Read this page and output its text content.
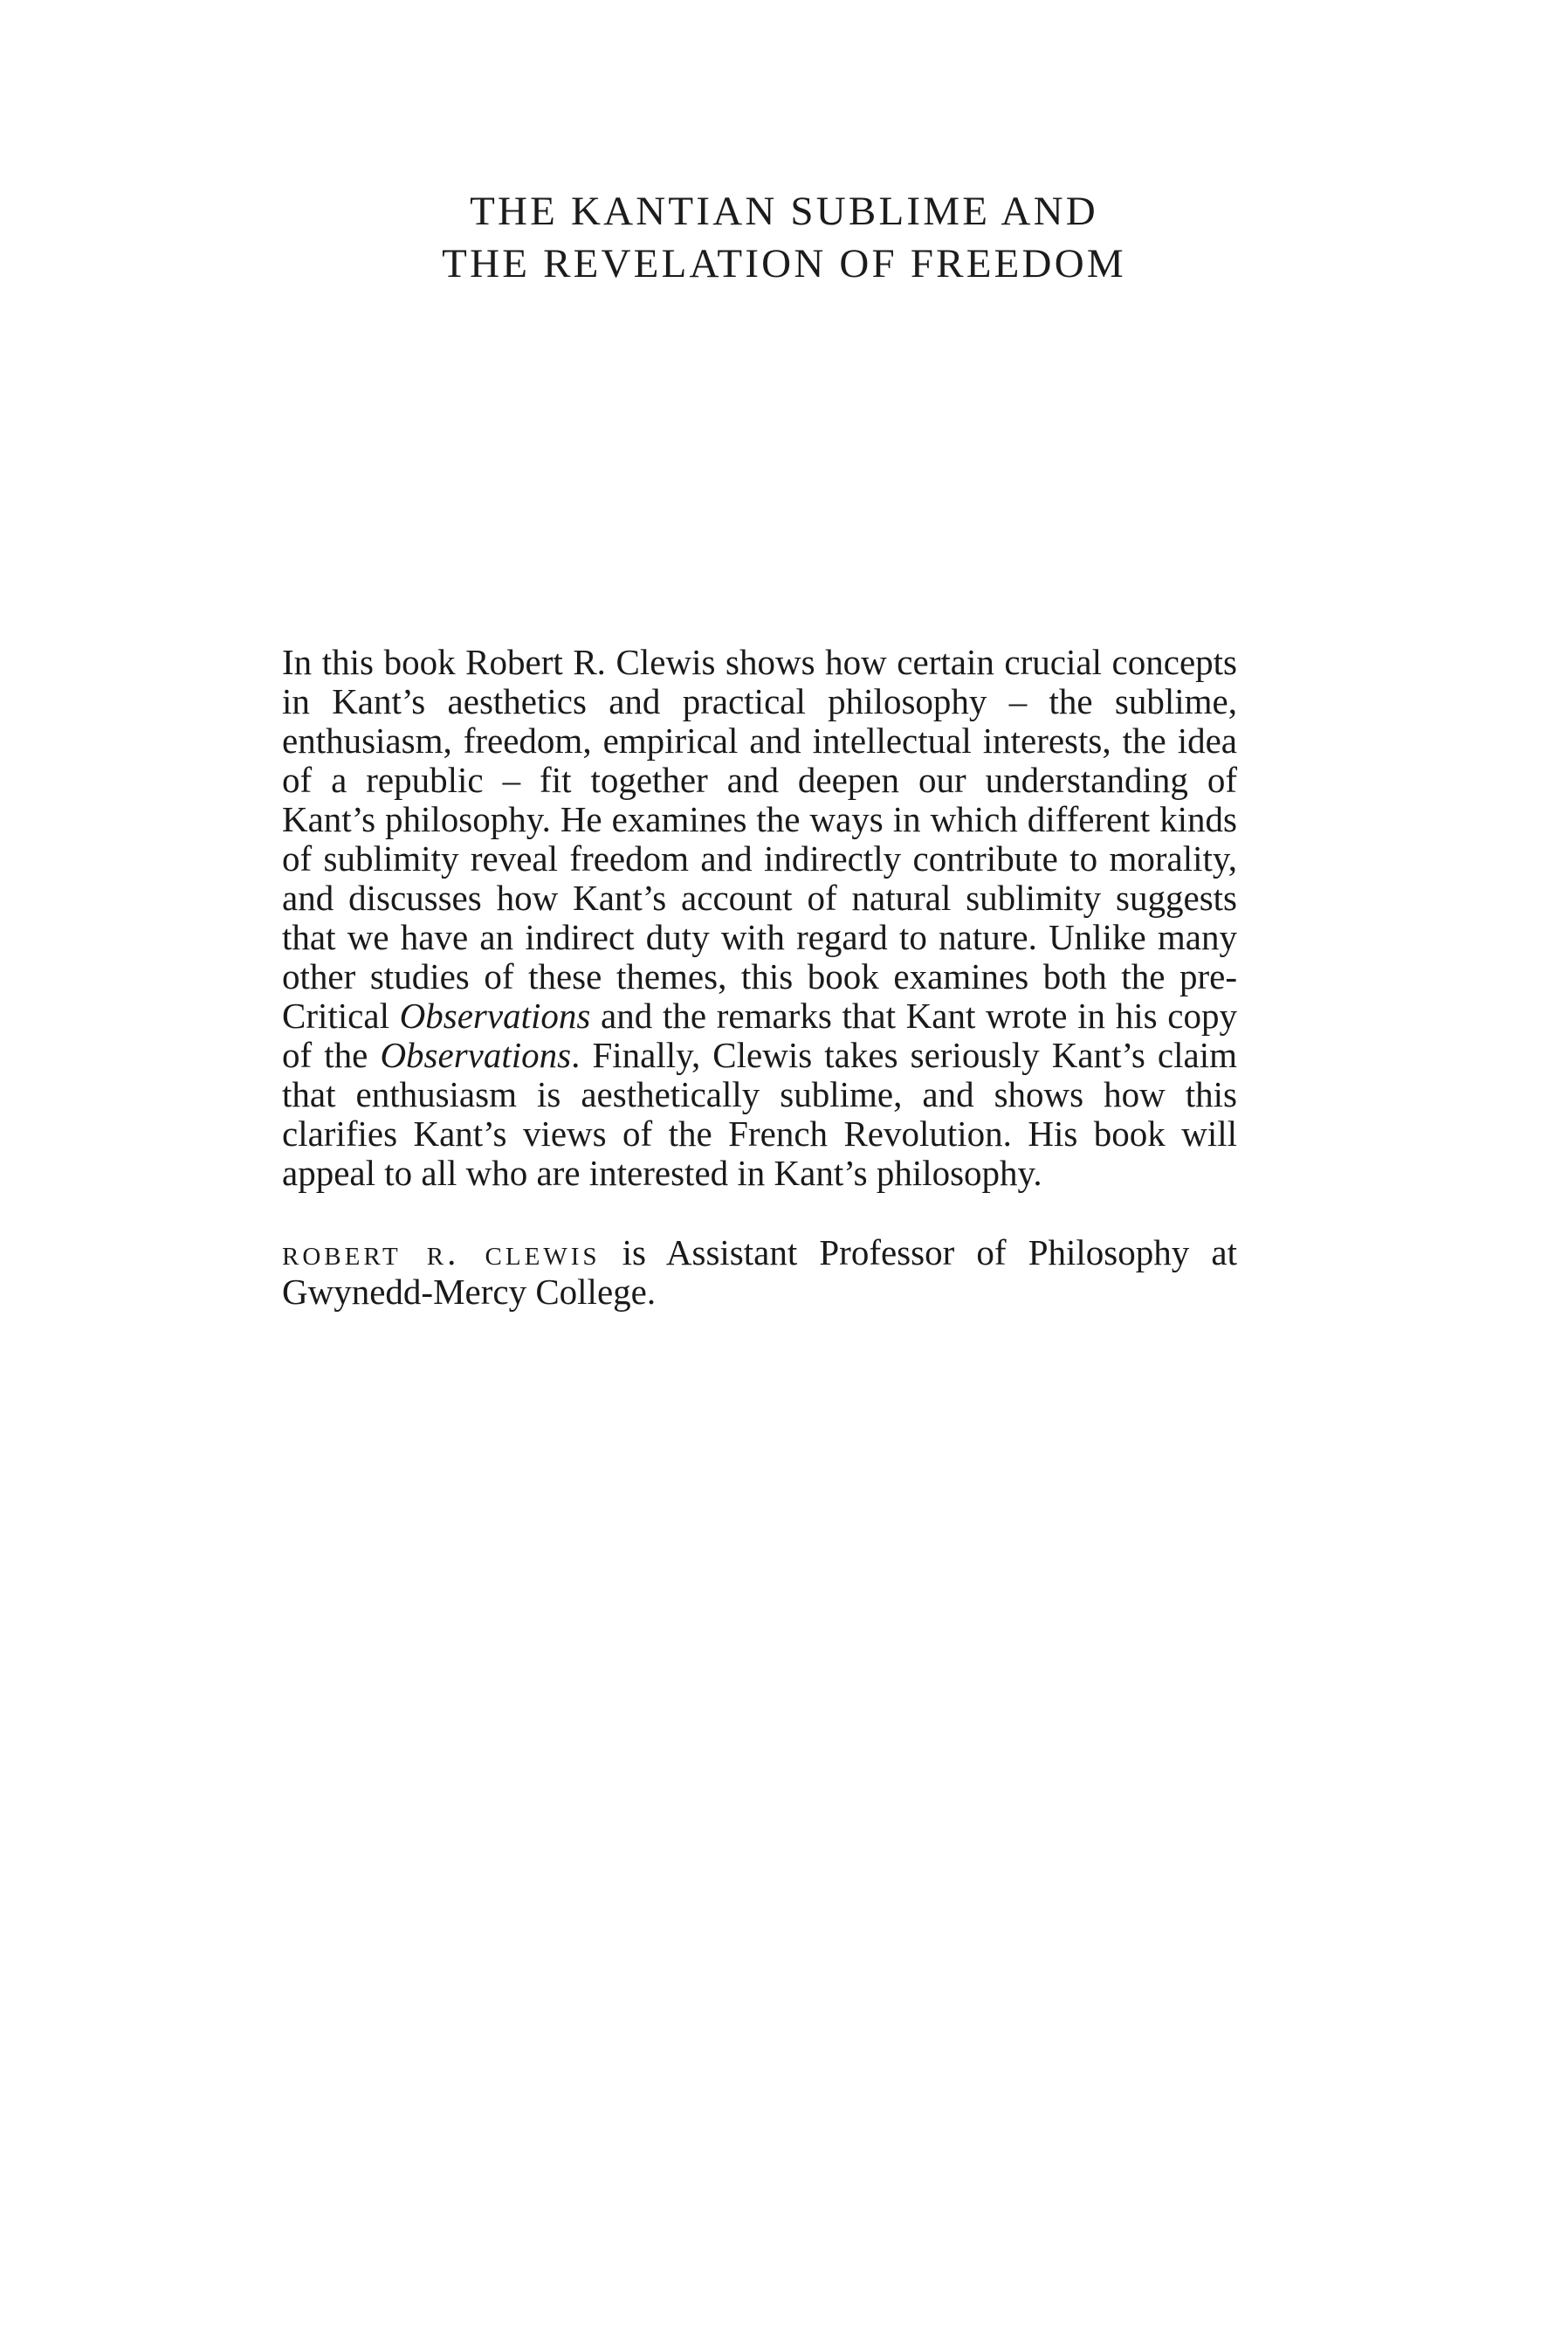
THE KANTIAN SUBLIME AND
THE REVELATION OF FREEDOM

In this book Robert R. Clewis shows how certain crucial concepts in Kant’s aesthetics and practical philosophy – the sublime, enthusiasm, freedom, empirical and intellectual interests, the idea of a republic – fit together and deepen our understanding of Kant’s philosophy. He examines the ways in which different kinds of sublimity reveal freedom and indirectly contribute to morality, and discusses how Kant’s account of natural sublimity suggests that we have an indirect duty with regard to nature. Unlike many other studies of these themes, this book examines both the pre-Critical Observations and the remarks that Kant wrote in his copy of the Observations. Finally, Clewis takes seriously Kant’s claim that enthusiasm is aesthetically sublime, and shows how this clarifies Kant’s views of the French Revolution. His book will appeal to all who are interested in Kant’s philosophy.

robert r. clewis is Assistant Professor of Philosophy at Gwynedd-Mercy College.
